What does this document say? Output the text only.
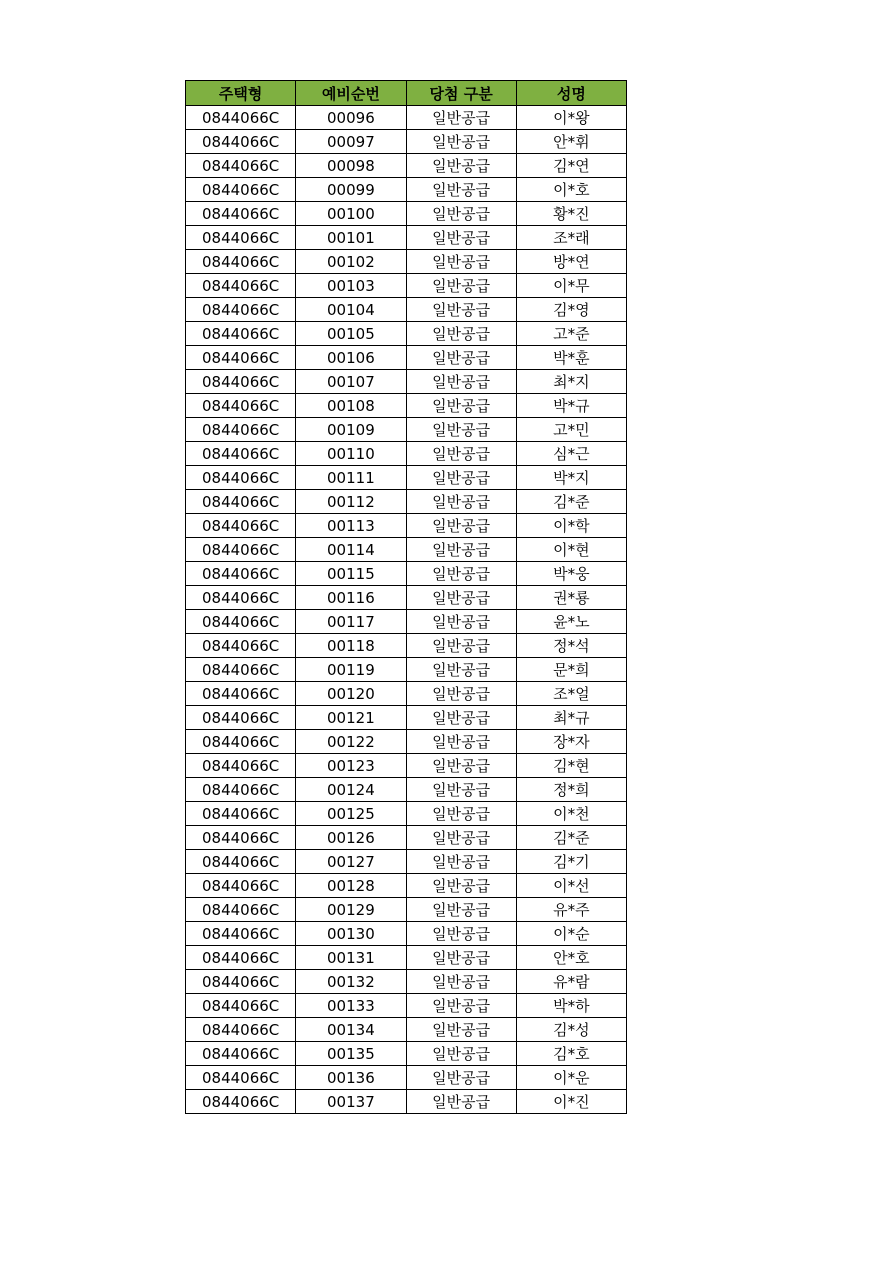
주택형	예비순번	당첨 구분	성명
0844066C	00096	일반공급	이*왕
0844066C	00097	일반공급	안*휘
0844066C	00098	일반공급	김*연
0844066C	00099	일반공급	이*호
0844066C	00100	일반공급	황*진
0844066C	00101	일반공급	조*래
0844066C	00102	일반공급	방*연
0844066C	00103	일반공급	이*무
0844066C	00104	일반공급	김*영
0844066C	00105	일반공급	고*준
0844066C	00106	일반공급	박*훈
0844066C	00107	일반공급	최*지
0844066C	00108	일반공급	박*규
0844066C	00109	일반공급	고*민
0844066C	00110	일반공급	심*근
0844066C	00111	일반공급	박*지
0844066C	00112	일반공급	김*준
0844066C	00113	일반공급	이*학
0844066C	00114	일반공급	이*현
0844066C	00115	일반공급	박*웅
0844066C	00116	일반공급	권*룡
0844066C	00117	일반공급	윤*노
0844066C	00118	일반공급	정*석
0844066C	00119	일반공급	문*희
0844066C	00120	일반공급	조*얼
0844066C	00121	일반공급	최*규
0844066C	00122	일반공급	장*자
0844066C	00123	일반공급	김*현
0844066C	00124	일반공급	정*희
0844066C	00125	일반공급	이*천
0844066C	00126	일반공급	김*준
0844066C	00127	일반공급	김*기
0844066C	00128	일반공급	이*선
0844066C	00129	일반공급	유*주
0844066C	00130	일반공급	이*순
0844066C	00131	일반공급	안*호
0844066C	00132	일반공급	유*람
0844066C	00133	일반공급	박*하
0844066C	00134	일반공급	김*성
0844066C	00135	일반공급	김*호
0844066C	00136	일반공급	이*운
0844066C	00137	일반공급	이*진
